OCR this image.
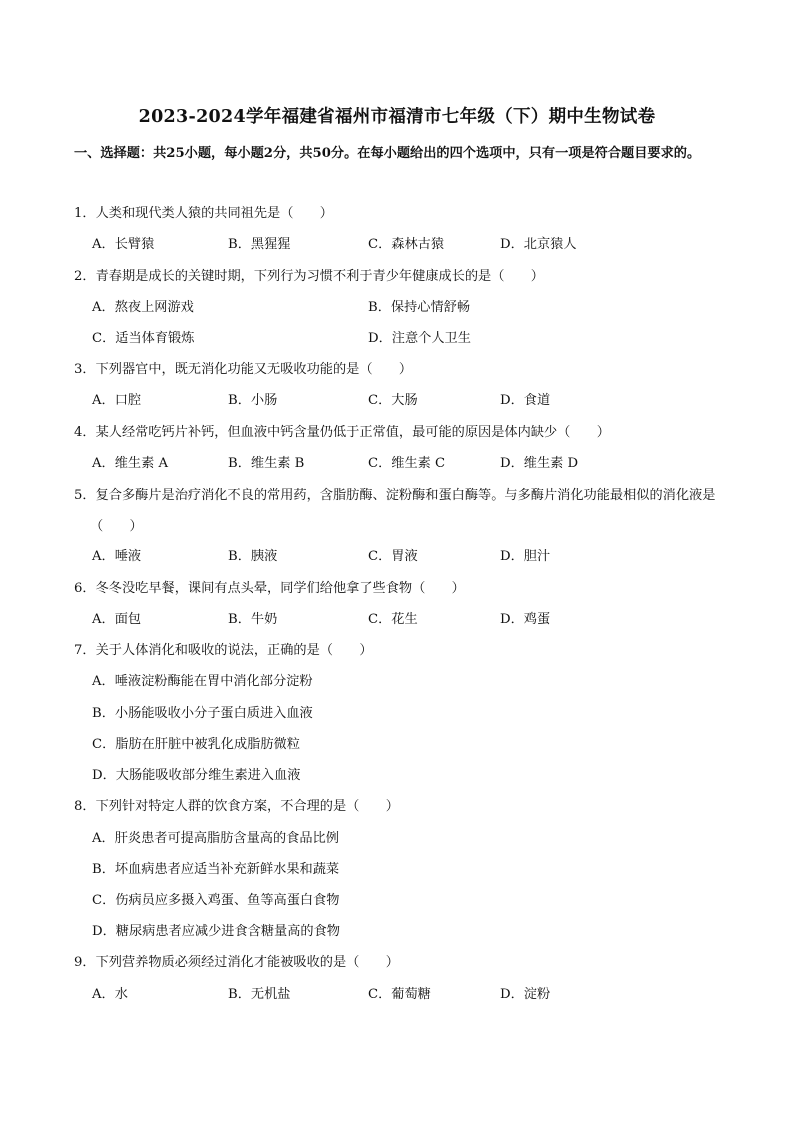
2023-2024学年福建省福州市福清市七年级（下）期中生物试卷
一、选择题：共25小题，每小题2分，共50分。在每小题给出的四个选项中，只有一项是符合题目要求的。
1．人类和现代类人猿的共同祖先是（　　）
A．长臂猿	B．黑猩猩	C．森林古猿	D．北京猿人
2．青春期是成长的关键时期，下列行为习惯不利于青少年健康成长的是（　　）
A．熬夜上网游戏	B．保持心情舒畅
C．适当体育锻炼	D．注意个人卫生
3．下列器官中，既无消化功能又无吸收功能的是（　　）
A．口腔	B．小肠	C．大肠	D．食道
4．某人经常吃钙片补钙，但血液中钙含量仍低于正常值，最可能的原因是体内缺少（　　）
A．维生素 A	B．维生素 B	C．维生素 C	D．维生素 D
5．复合多酶片是治疗消化不良的常用药，含脂肪酶、淀粉酶和蛋白酶等。与多酶片消化功能最相似的消化液是（　　）
A．唾液	B．胰液	C．胃液	D．胆汁
6．冬冬没吃早餐，课间有点头晕，同学们给他拿了些食物（　　）
A．面包	B．牛奶	C．花生	D．鸡蛋
7．关于人体消化和吸收的说法，正确的是（　　）
A．唾液淀粉酶能在胃中消化部分淀粉
B．小肠能吸收小分子蛋白质进入血液
C．脂肪在肝脏中被乳化成脂肪微粒
D．大肠能吸收部分维生素进入血液
8．下列针对特定人群的饮食方案，不合理的是（　　）
A．肝炎患者可提高脂肪含量高的食品比例
B．坏血病患者应适当补充新鲜水果和蔬菜
C．伤病员应多摄入鸡蛋、鱼等高蛋白食物
D．糖尿病患者应减少进食含糖量高的食物
9．下列营养物质必须经过消化才能被吸收的是（　　）
A．水	B．无机盐	C．葡萄糖	D．淀粉
